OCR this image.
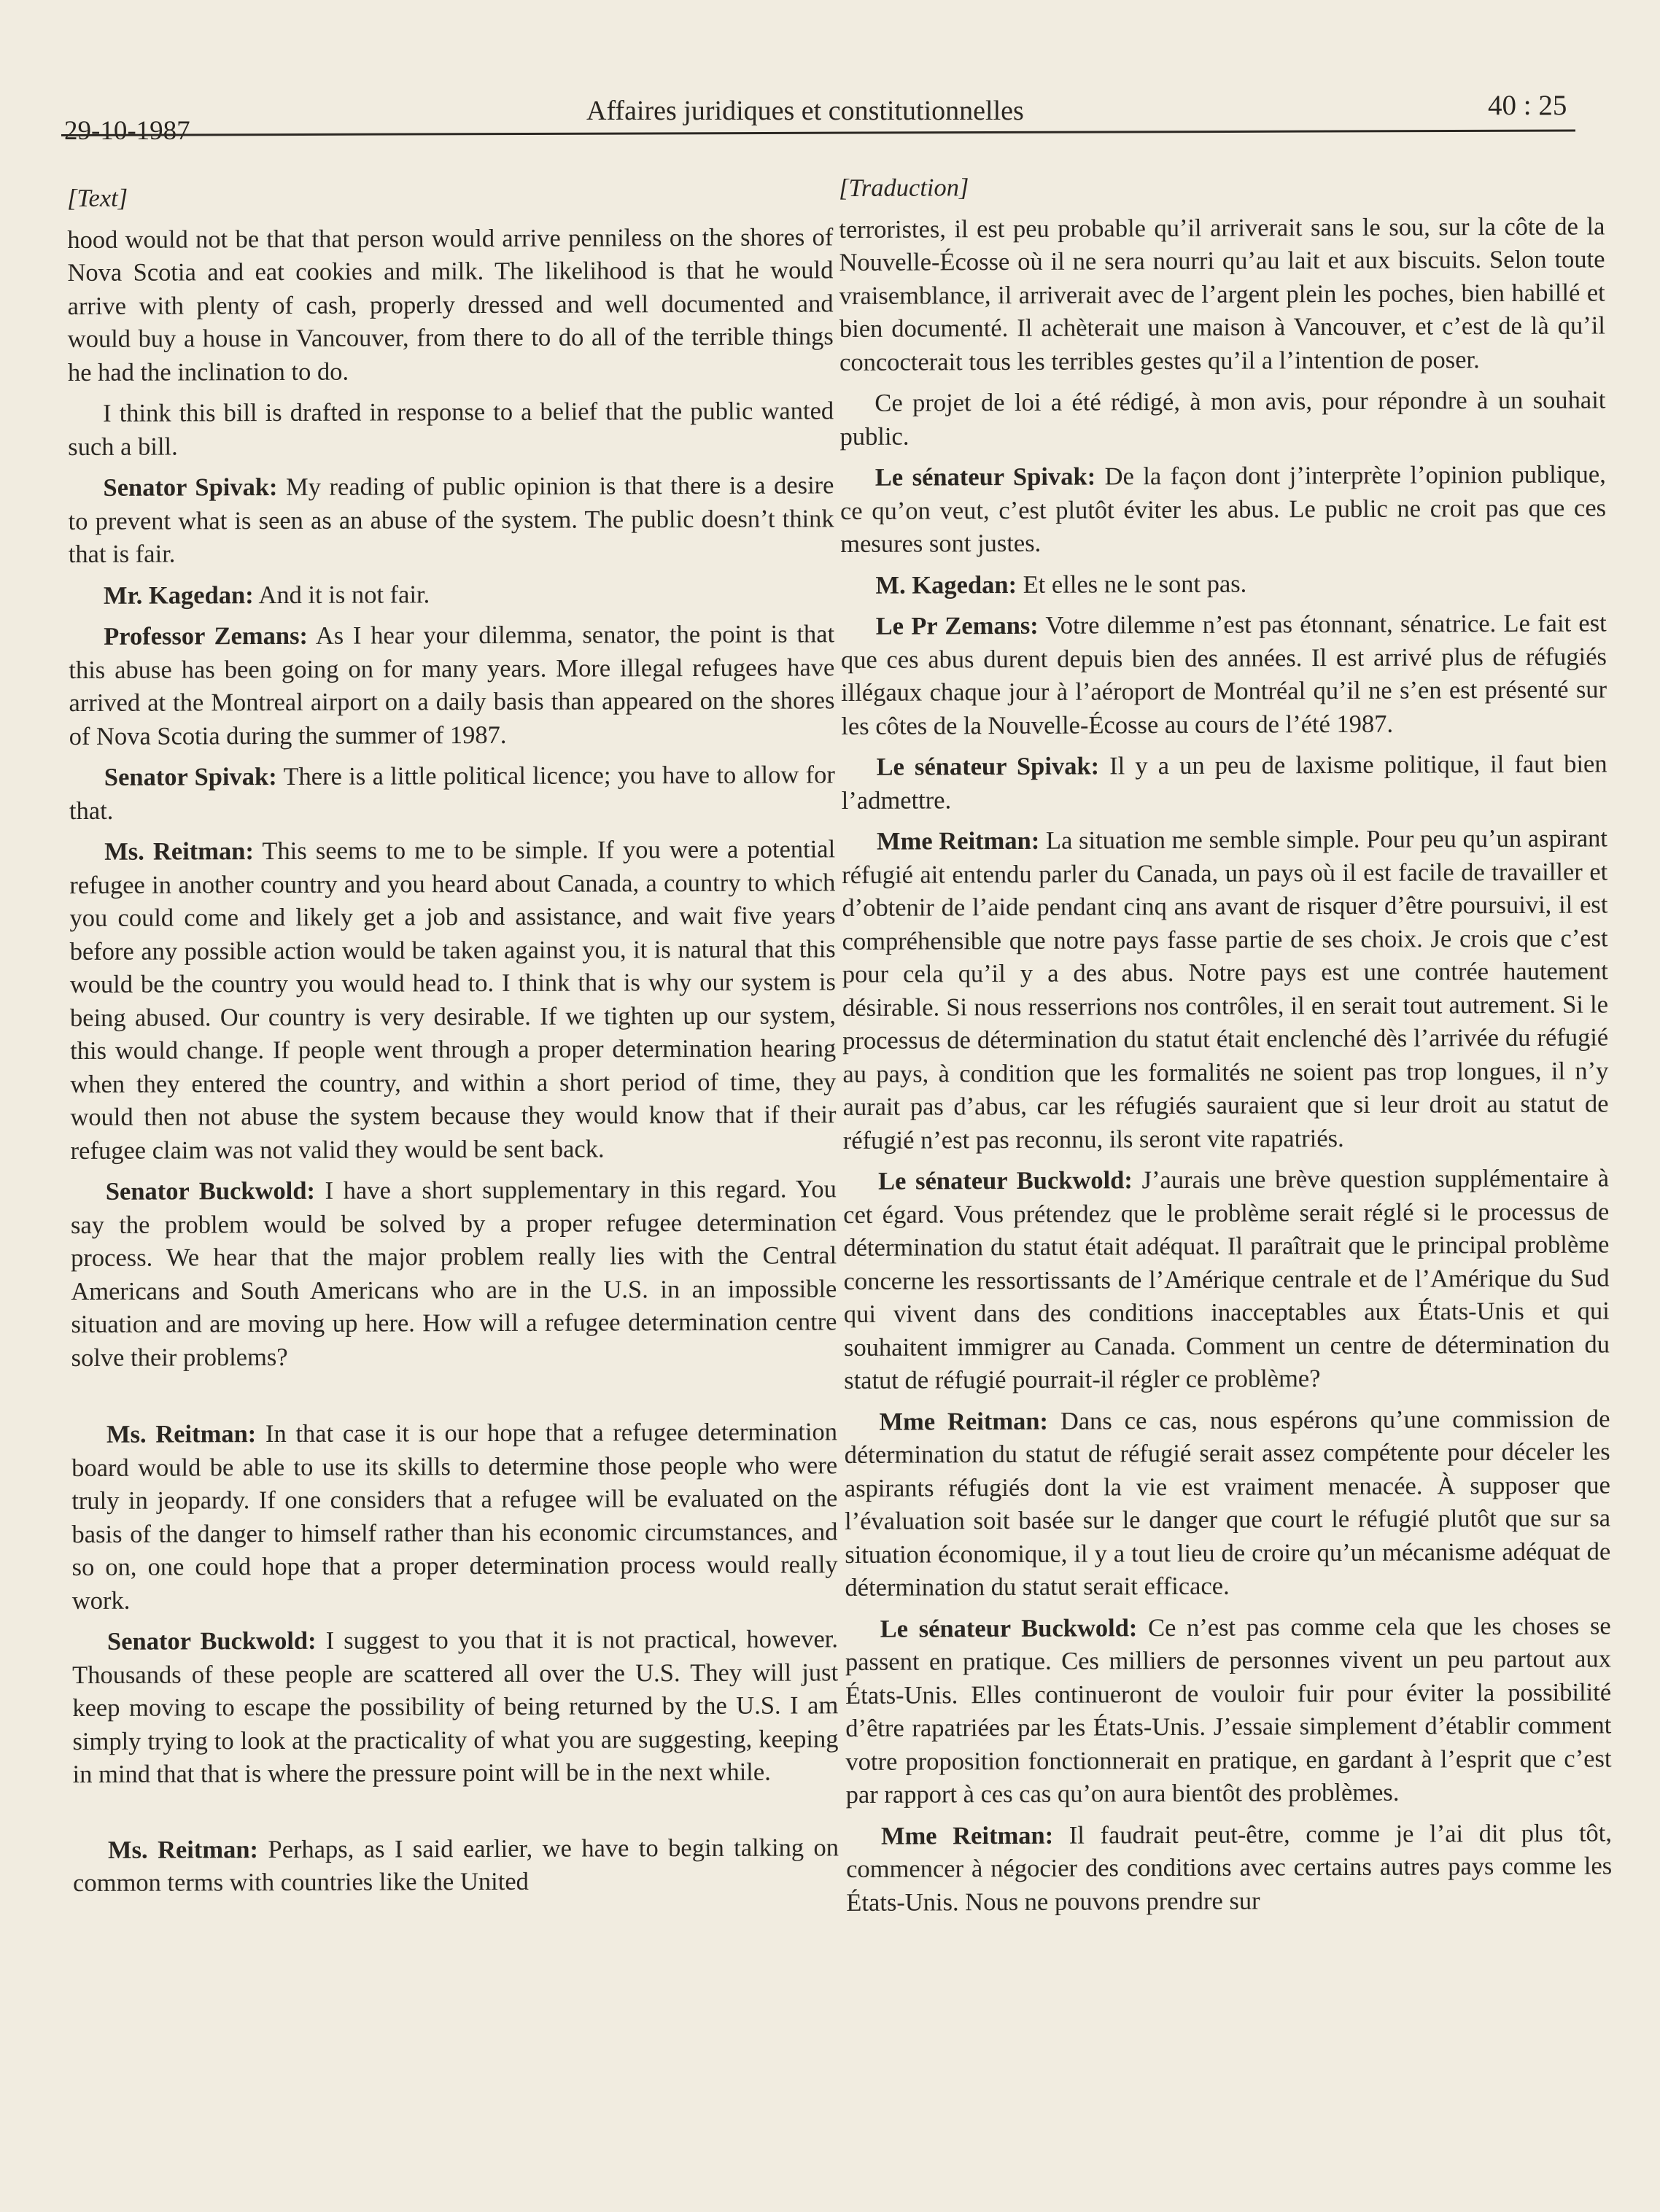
29-10-1987
Affaires juridiques et constitutionnelles	40 : 25

[Text]

hood would not be that that person would arrive penniless on the shores of Nova Scotia and eat cookies and milk. The likelihood is that he would arrive with plenty of cash, properly dressed and well documented and would buy a house in Vancouver, from there to do all of the terrible things he had the inclination to do.

I think this bill is drafted in response to a belief that the public wanted such a bill.

Senator Spivak: My reading of public opinion is that there is a desire to prevent what is seen as an abuse of the system. The public doesn’t think that is fair.

Mr. Kagedan: And it is not fair.

Professor Zemans: As I hear your dilemma, senator, the point is that this abuse has been going on for many years. More illegal refugees have arrived at the Montreal airport on a daily basis than appeared on the shores of Nova Scotia during the summer of 1987.

Senator Spivak: There is a little political licence; you have to allow for that.

Ms. Reitman: This seems to me to be simple. If you were a potential refugee in another country and you heard about Canada, a country to which you could come and likely get a job and assistance, and wait five years before any possible action would be taken against you, it is natural that this would be the country you would head to. I think that is why our system is being abused. Our country is very desirable. If we tighten up our system, this would change. If people went through a proper determination hearing when they entered the country, and within a short period of time, they would then not abuse the system because they would know that if their refugee claim was not valid they would be sent back.

Senator Buckwold: I have a short supplementary in this regard. You say the problem would be solved by a proper refugee determination process. We hear that the major problem really lies with the Central Americans and South Americans who are in the U.S. in an impossible situation and are moving up here. How will a refugee determination centre solve their problems?

Ms. Reitman: In that case it is our hope that a refugee determination board would be able to use its skills to determine those people who were truly in jeopardy. If one considers that a refugee will be evaluated on the basis of the danger to himself rather than his economic circumstances, and so on, one could hope that a proper determination process would really work.

Senator Buckwold: I suggest to you that it is not practical, however. Thousands of these people are scattered all over the U.S. They will just keep moving to escape the possibility of being returned by the U.S. I am simply trying to look at the practicality of what you are suggesting, keeping in mind that that is where the pressure point will be in the next while.

Ms. Reitman: Perhaps, as I said earlier, we have to begin talking on common terms with countries like the United

[Traduction]

terroristes, il est peu probable qu’il arriverait sans le sou, sur la côte de la Nouvelle-Écosse où il ne sera nourri qu’au lait et aux biscuits. Selon toute vraisemblance, il arriverait avec de l’argent plein les poches, bien habillé et bien documenté. Il achèterait une maison à Vancouver, et c’est de là qu’il concocterait tous les terribles gestes qu’il a l’intention de poser.

Ce projet de loi a été rédigé, à mon avis, pour répondre à un souhait public.

Le sénateur Spivak: De la façon dont j’interprète l’opinion publique, ce qu’on veut, c’est plutôt éviter les abus. Le public ne croit pas que ces mesures sont justes.

M. Kagedan: Et elles ne le sont pas.

Le Pr Zemans: Votre dilemme n’est pas étonnant, sénatrice. Le fait est que ces abus durent depuis bien des années. Il est arrivé plus de réfugiés illégaux chaque jour à l’aéroport de Montréal qu’il ne s’en est présenté sur les côtes de la Nouvelle-Écosse au cours de l’été 1987.

Le sénateur Spivak: Il y a un peu de laxisme politique, il faut bien l’admettre.

Mme Reitman: La situation me semble simple. Pour peu qu’un aspirant réfugié ait entendu parler du Canada, un pays où il est facile de travailler et d’obtenir de l’aide pendant cinq ans avant de risquer d’être poursuivi, il est compréhensible que notre pays fasse partie de ses choix. Je crois que c’est pour cela qu’il y a des abus. Notre pays est une contrée hautement désirable. Si nous resserrions nos contrôles, il en serait tout autrement. Si le processus de détermination du statut était enclenché dès l’arrivée du réfugié au pays, à condition que les formalités ne soient pas trop longues, il n’y aurait pas d’abus, car les réfugiés sauraient que si leur droit au statut de réfugié n’est pas reconnu, ils seront vite rapatriés.

Le sénateur Buckwold: J’aurais une brève question supplémentaire à cet égard. Vous prétendez que le problème serait réglé si le processus de détermination du statut était adéquat. Il paraîtrait que le principal problème concerne les ressortissants de l’Amérique centrale et de l’Amérique du Sud qui vivent dans des conditions inacceptables aux États-Unis et qui souhaitent immigrer au Canada. Comment un centre de détermination du statut de réfugié pourrait-il régler ce problème?

Mme Reitman: Dans ce cas, nous espérons qu’une commission de détermination du statut de réfugié serait assez compétente pour déceler les aspirants réfugiés dont la vie est vraiment menacée. À supposer que l’évaluation soit basée sur le danger que court le réfugié plutôt que sur sa situation économique, il y a tout lieu de croire qu’un mécanisme adéquat de détermination du statut serait efficace.

Le sénateur Buckwold: Ce n’est pas comme cela que les choses se passent en pratique. Ces milliers de personnes vivent un peu partout aux États-Unis. Elles continueront de vouloir fuir pour éviter la possibilité d’être rapatriées par les États-Unis. J’essaie simplement d’établir comment votre proposition fonctionnerait en pratique, en gardant à l’esprit que c’est par rapport à ces cas qu’on aura bientôt des problèmes.

Mme Reitman: Il faudrait peut-être, comme je l’ai dit plus tôt, commencer à négocier des conditions avec certains autres pays comme les États-Unis. Nous ne pouvons prendre sur
